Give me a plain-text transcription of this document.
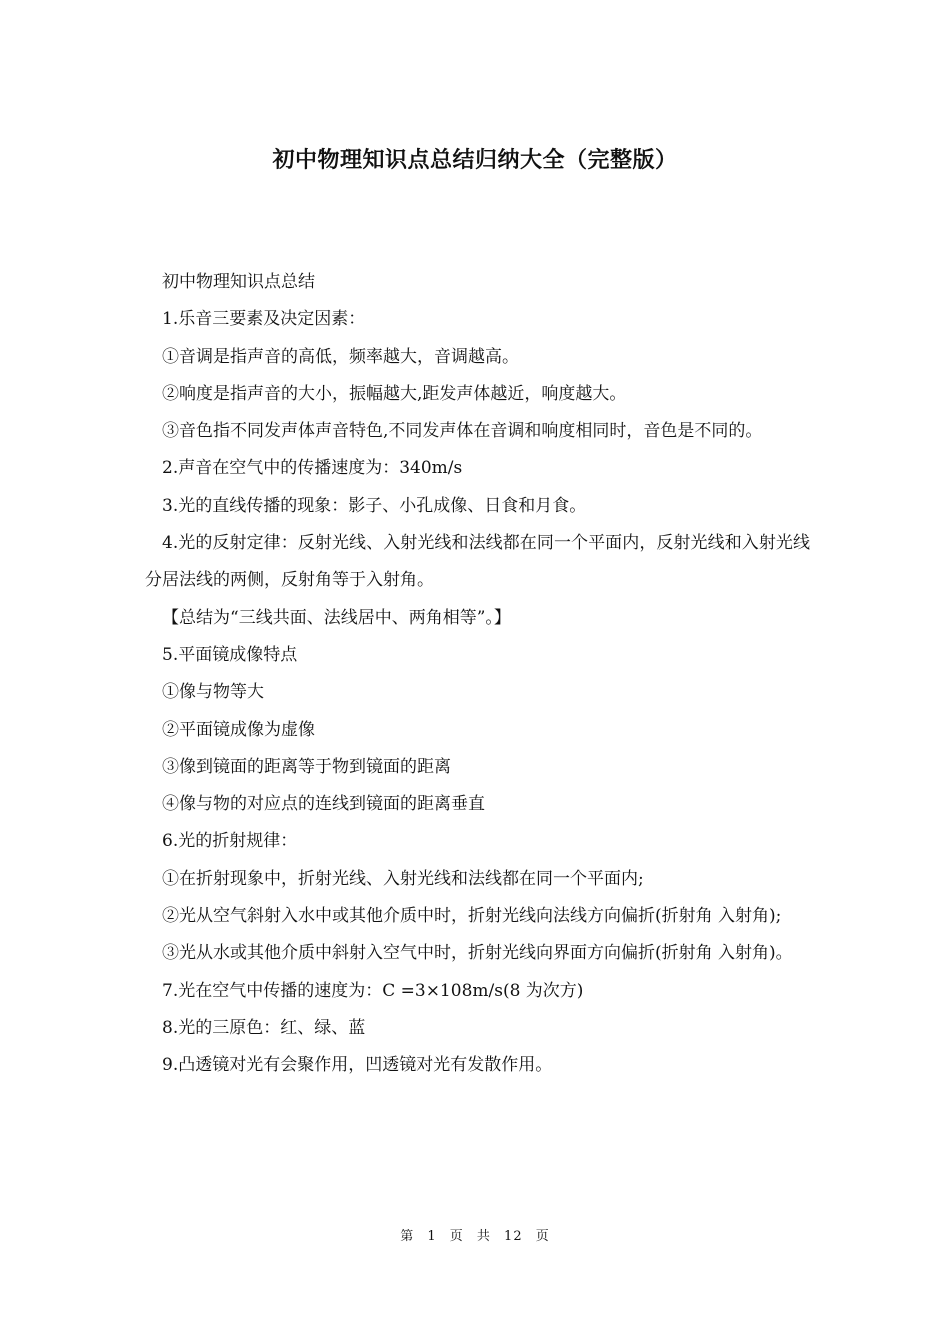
初中物理知识点总结归纳大全（完整版）

初中物理知识点总结

1.乐音三要素及决定因素：

①音调是指声音的高低，频率越大，音调越高。

②响度是指声音的大小，振幅越大,距发声体越近，响度越大。

③音色指不同发声体声音特色,不同发声体在音调和响度相同时，音色是不同的。

2.声音在空气中的传播速度为：340m/s

3.光的直线传播的现象：影子、小孔成像、日食和月食。

4.光的反射定律：反射光线、入射光线和法线都在同一个平面内，反射光线和入射光线分居法线的两侧，反射角等于入射角。

【总结为“三线共面、法线居中、两角相等”。】

5.平面镜成像特点

①像与物等大

②平面镜成像为虚像

③像到镜面的距离等于物到镜面的距离

④像与物的对应点的连线到镜面的距离垂直

6.光的折射规律：

①在折射现象中，折射光线、入射光线和法线都在同一个平面内;

②光从空气斜射入水中或其他介质中时，折射光线向法线方向偏折(折射角 入射角);

③光从水或其他介质中斜射入空气中时，折射光线向界面方向偏折(折射角 入射角)。

7.光在空气中传播的速度为：C =3×108m/s(8 为次方)

8.光的三原色：红、绿、蓝

9.凸透镜对光有会聚作用，凹透镜对光有发散作用。

第 1 页 共 12 页
